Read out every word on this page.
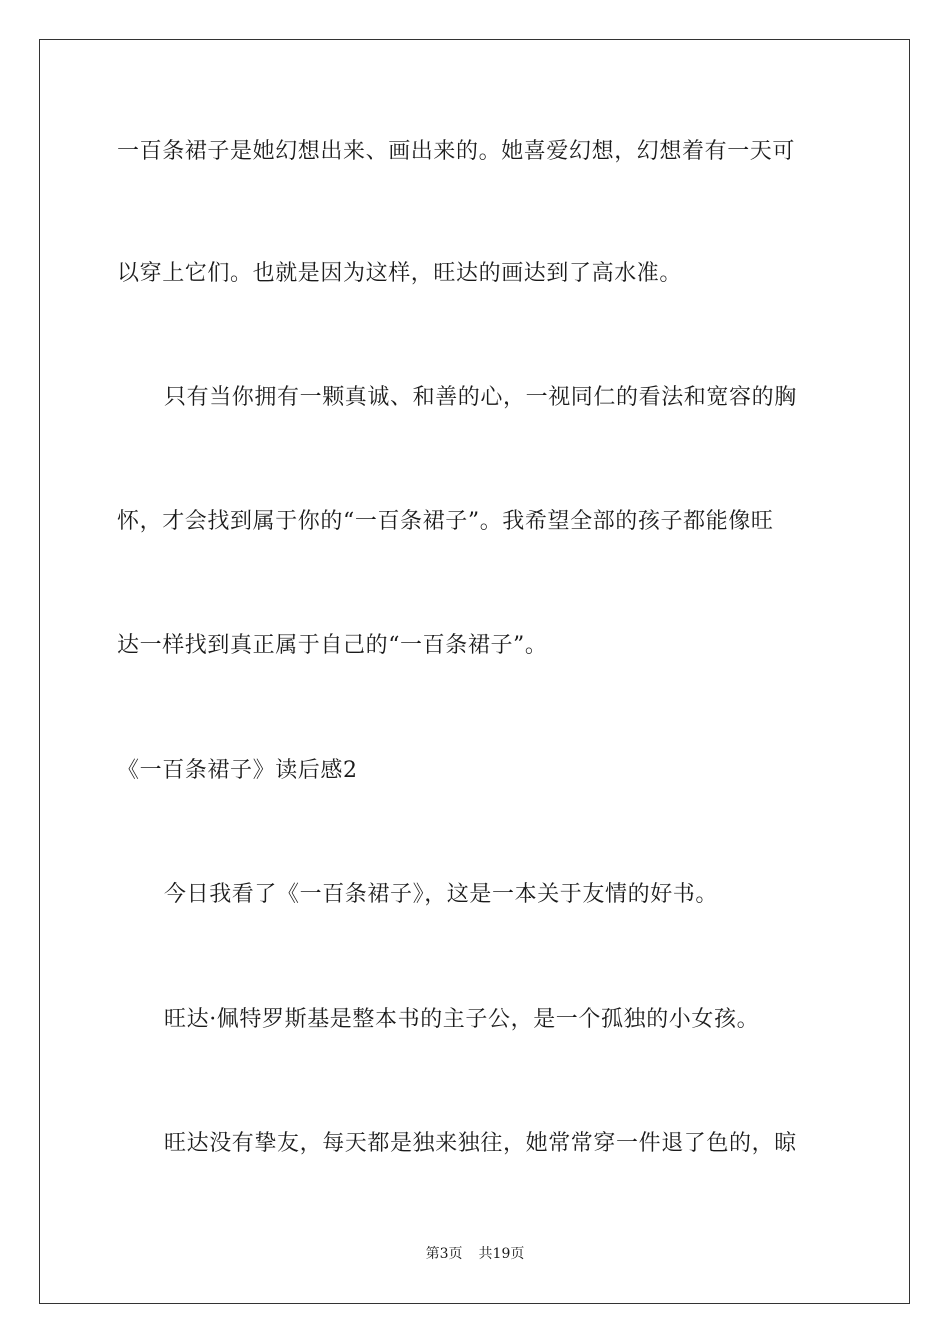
一百条裙子是她幻想出来、画出来的。她喜爱幻想，幻想着有一天可
以穿上它们。也就是因为这样，旺达的画达到了高水准。
只有当你拥有一颗真诚、和善的心，一视同仁的看法和宽容的胸
怀，才会找到属于你的“一百条裙子”。我希望全部的孩子都能像旺
达一样找到真正属于自己的“一百条裙子”。
《一百条裙子》读后感2
今日我看了《一百条裙子》，这是一本关于友情的好书。
旺达·佩特罗斯基是整本书的主子公，是一个孤独的小女孩。
旺达没有挚友，每天都是独来独往，她常常穿一件退了色的，晾
第3页 共19页
